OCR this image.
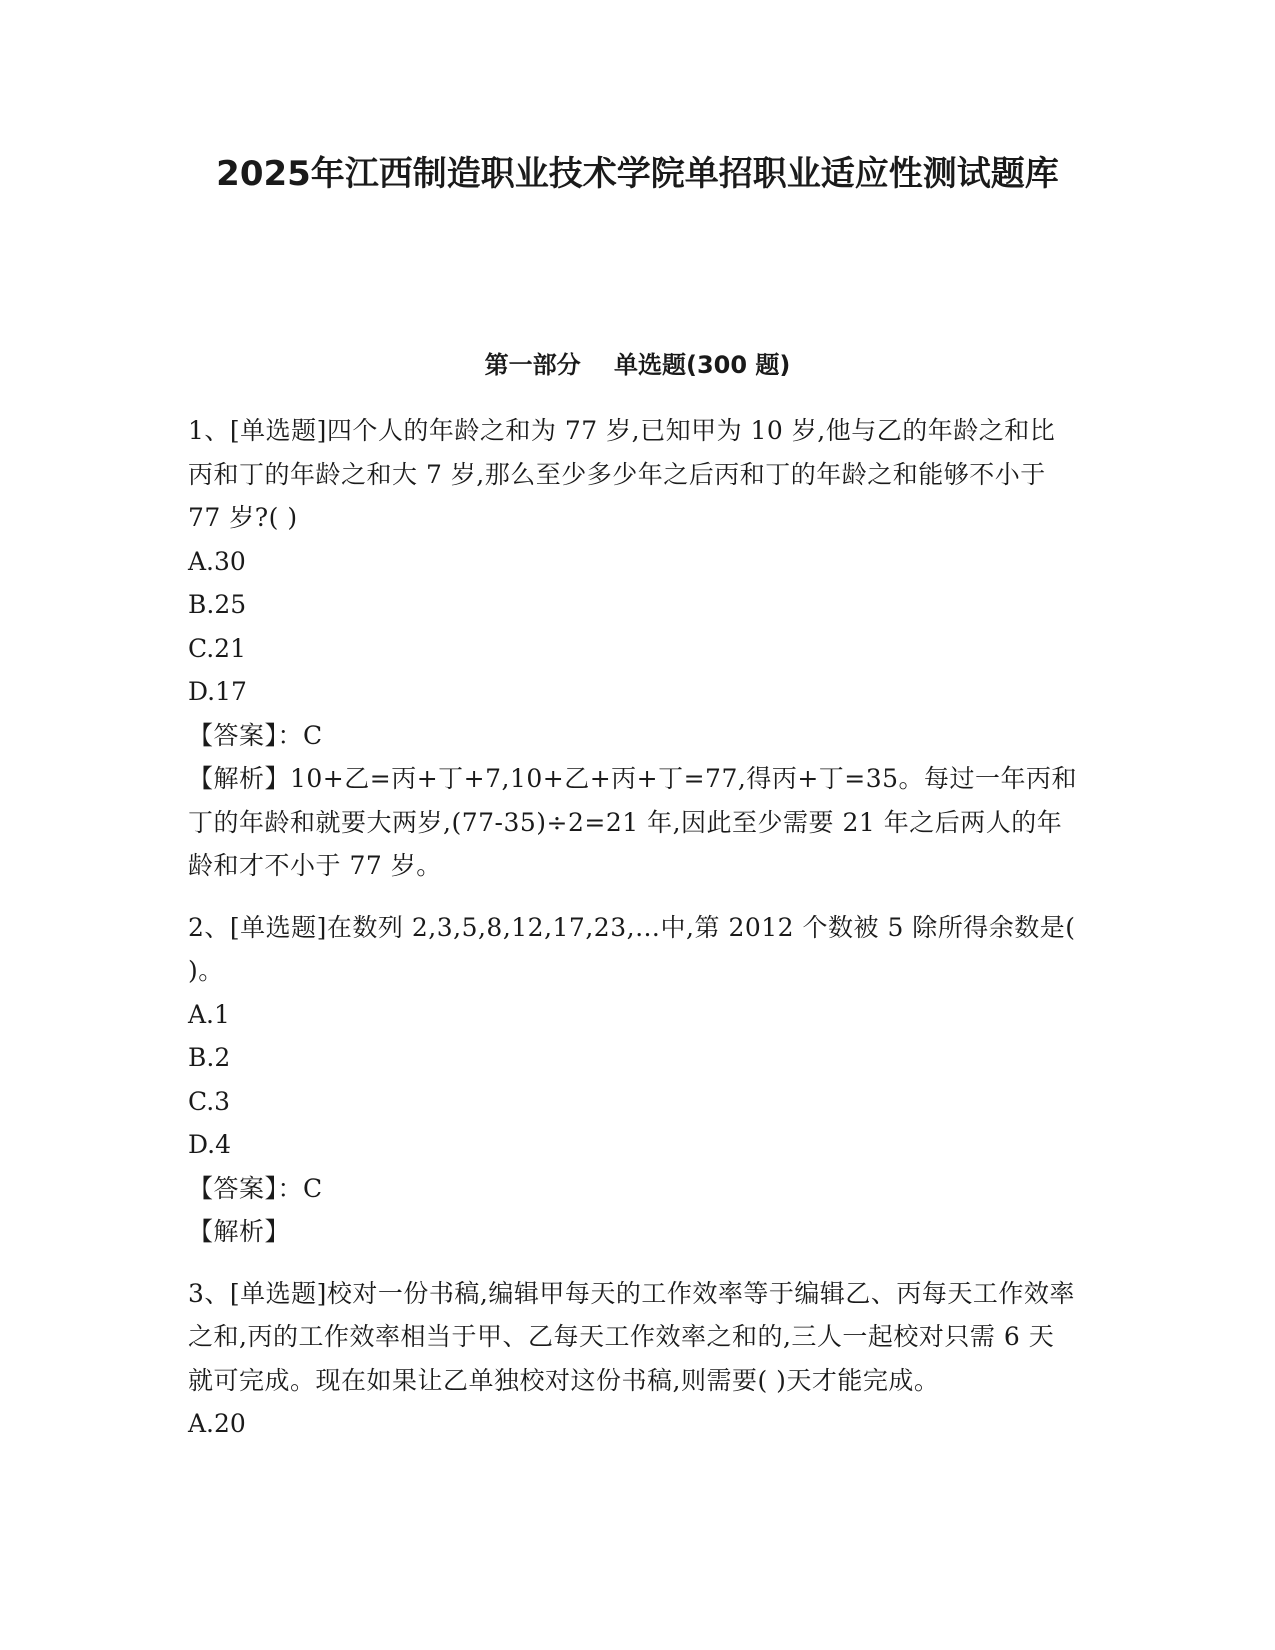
2025年江西制造职业技术学院单招职业适应性测试题库
第一部分    单选题(300 题)

1、[单选题]四个人的年龄之和为 77 岁,已知甲为 10 岁,他与乙的年龄之和比丙和丁的年龄之和大 7 岁,那么至少多少年之后丙和丁的年龄之和能够不小于 77 岁?( )

A.30

B.25

C.21

D.17

【答案】：C

【解析】10+乙=丙+丁+7,10+乙+丙+丁=77,得丙+丁=35。每过一年丙和丁的年龄和就要大两岁,(77-35)÷2=21 年,因此至少需要 21 年之后两人的年龄和才不小于 77 岁。

2、[单选题]在数列 2,3,5,8,12,17,23,…中,第 2012 个数被 5 除所得余数是( )。

A.1

B.2

C.3

D.4

【答案】：C

【解析】

3、[单选题]校对一份书稿,编辑甲每天的工作效率等于编辑乙、丙每天工作效率之和,丙的工作效率相当于甲、乙每天工作效率之和的,三人一起校对只需 6 天就可完成。现在如果让乙单独校对这份书稿,则需要( )天才能完成。

A.20
